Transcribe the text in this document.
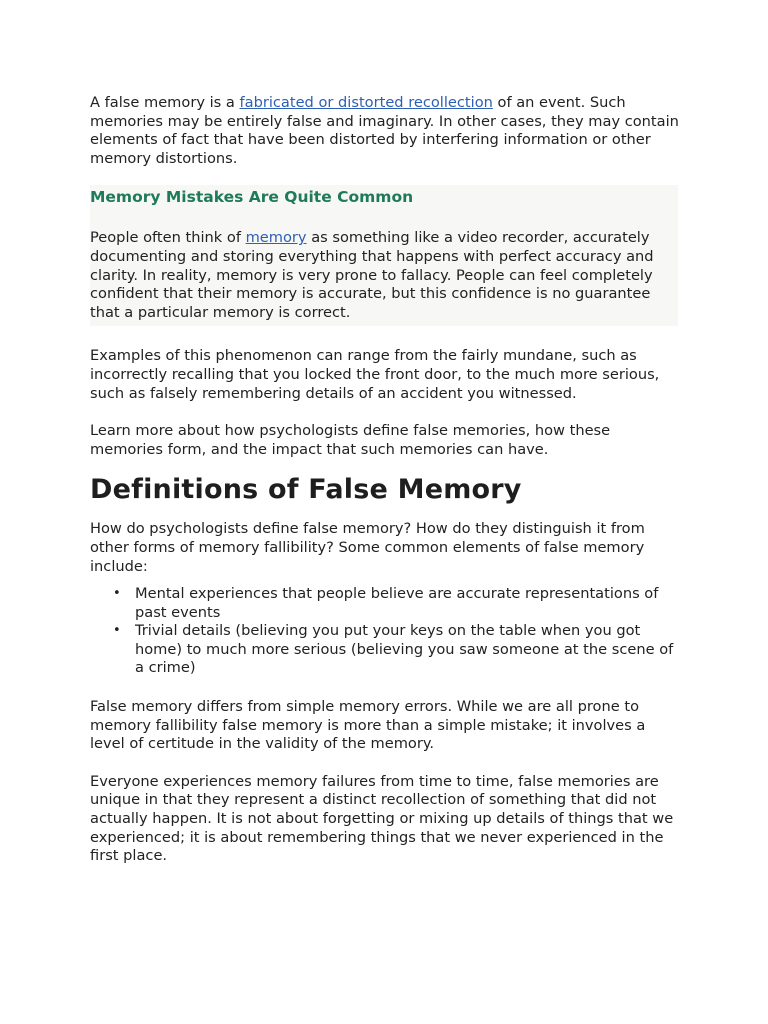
A false memory is a fabricated or distorted recollection of an event. Such memories may be entirely false and imaginary. In other cases, they may contain elements of fact that have been distorted by interfering information or other memory distortions.

Memory Mistakes Are Quite Common

People often think of memory as something like a video recorder, accurately documenting and storing everything that happens with perfect accuracy and clarity. In reality, memory is very prone to fallacy. People can feel completely confident that their memory is accurate, but this confidence is no guarantee that a particular memory is correct.

Examples of this phenomenon can range from the fairly mundane, such as incorrectly recalling that you locked the front door, to the much more serious, such as falsely remembering details of an accident you witnessed.

Learn more about how psychologists define false memories, how these memories form, and the impact that such memories can have.

Definitions of False Memory

How do psychologists define false memory? How do they distinguish it from other forms of memory fallibility? Some common elements of false memory include:

• Mental experiences that people believe are accurate representations of past events
• Trivial details (believing you put your keys on the table when you got home) to much more serious (believing you saw someone at the scene of a crime)

False memory differs from simple memory errors. While we are all prone to memory fallibility false memory is more than a simple mistake; it involves a level of certitude in the validity of the memory.

Everyone experiences memory failures from time to time, false memories are unique in that they represent a distinct recollection of something that did not actually happen. It is not about forgetting or mixing up details of things that we experienced; it is about remembering things that we never experienced in the first place.
